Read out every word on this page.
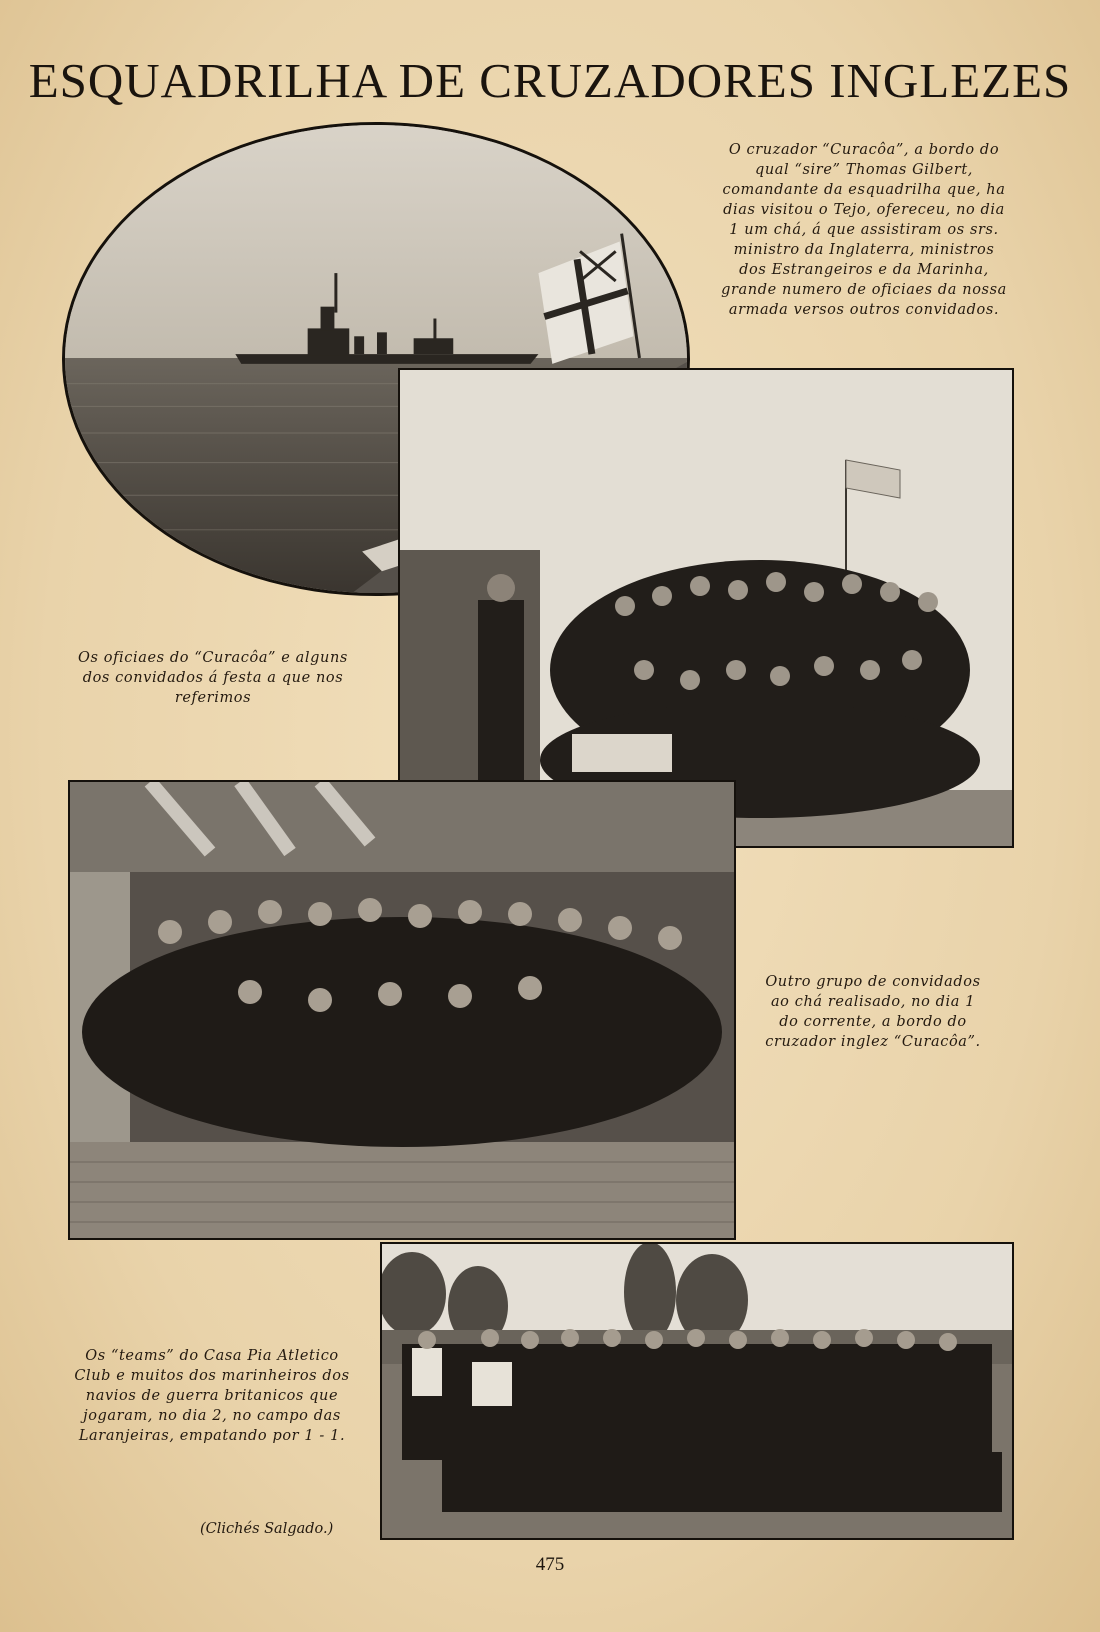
ESQUADRILHA DE CRUZADORES INGLEZES
O cruzador “Curacôa”, a bordo do qual “sire” Thomas Gilbert, comandante da esquadrilha que, ha dias visitou o Tejo, ofereceu, no dia 1 um chá, á que assistiram os srs. ministro da Inglaterra, ministros dos Estrangeiros e da Marinha, grande numero de oficiaes da nossa armada versos outros convidados.
Os oficiaes do “Curacôa” e alguns dos convidados á festa a que nos referimos
Outro grupo de convidados ao chá realisado, no dia 1 do corrente, a bordo do cruzador inglez “Curacôa”.
Os “teams” do Casa Pia Atletico Club e muitos dos marinheiros dos navios de guerra britanicos que jogaram, no dia 2, no campo das Laranjeiras, empatando por 1 - 1.
(Clichés Salgado.)
475
